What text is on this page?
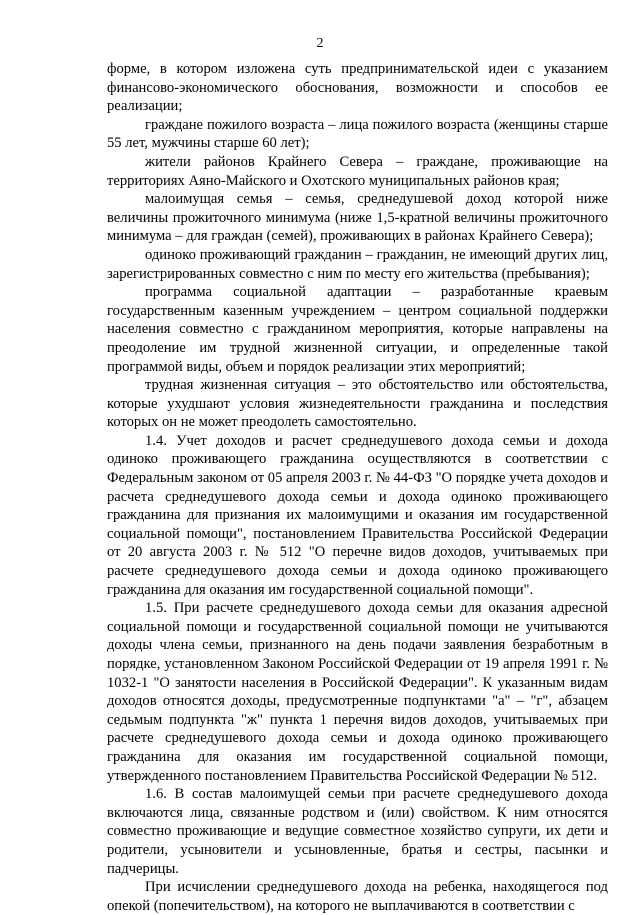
2

форме, в котором изложена суть предпринимательской идеи с указанием финансово-экономического обоснования, возможности и способов ее реализации;

граждане пожилого возраста – лица пожилого возраста (женщины старше 55 лет, мужчины старше 60 лет);

жители районов Крайнего Севера – граждане, проживающие на территориях Аяно-Майского и Охотского муниципальных районов края;

малоимущая семья – семья, среднедушевой доход которой ниже величины прожиточного минимума (ниже 1,5-кратной величины прожиточного минимума – для граждан (семей), проживающих в районах Крайнего Севера);

одиноко проживающий гражданин – гражданин, не имеющий других лиц, зарегистрированных совместно с ним по месту его жительства (пребывания);

программа социальной адаптации – разработанные краевым государственным казенным учреждением – центром социальной поддержки населения совместно с гражданином мероприятия, которые направлены на преодоление им трудной жизненной ситуации, и определенные такой программой виды, объем и порядок реализации этих мероприятий;

трудная жизненная ситуация – это обстоятельство или обстоятельства, которые ухудшают условия жизнедеятельности гражданина и последствия которых он не может преодолеть самостоятельно.

1.4. Учет доходов и расчет среднедушевого дохода семьи и дохода одиноко проживающего гражданина осуществляются в соответствии с Федеральным законом от 05 апреля 2003 г. № 44-ФЗ "О порядке учета доходов и расчета среднедушевого дохода семьи и дохода одиноко проживающего гражданина для признания их малоимущими и оказания им государственной социальной помощи", постановлением Правительства Российской Федерации от 20 августа 2003 г. № 512 "О перечне видов доходов, учитываемых при расчете среднедушевого дохода семьи и дохода одиноко проживающего гражданина для оказания им государственной социальной помощи".

1.5. При расчете среднедушевого дохода семьи для оказания адресной социальной помощи и государственной социальной помощи не учитываются доходы члена семьи, признанного на день подачи заявления безработным в порядке, установленном Законом Российской Федерации от 19 апреля 1991 г. № 1032-1 "О занятости населения в Российской Федерации". К указанным видам доходов относятся доходы, предусмотренные подпунктами "а" – "г", абзацем седьмым подпункта "ж" пункта 1 перечня видов доходов, учитываемых при расчете среднедушевого дохода семьи и дохода одиноко проживающего гражданина для оказания им государственной социальной помощи, утвержденного постановлением Правительства Российской Федерации № 512.

1.6. В состав малоимущей семьи при расчете среднедушевого дохода включаются лица, связанные родством и (или) свойством. К ним относятся совместно проживающие и ведущие совместное хозяйство супруги, их дети и родители, усыновители и усыновленные, братья и сестры, пасынки и падчерицы.

При исчислении среднедушевого дохода на ребенка, находящегося под опекой (попечительством), на которого не выплачиваются в соответствии с
